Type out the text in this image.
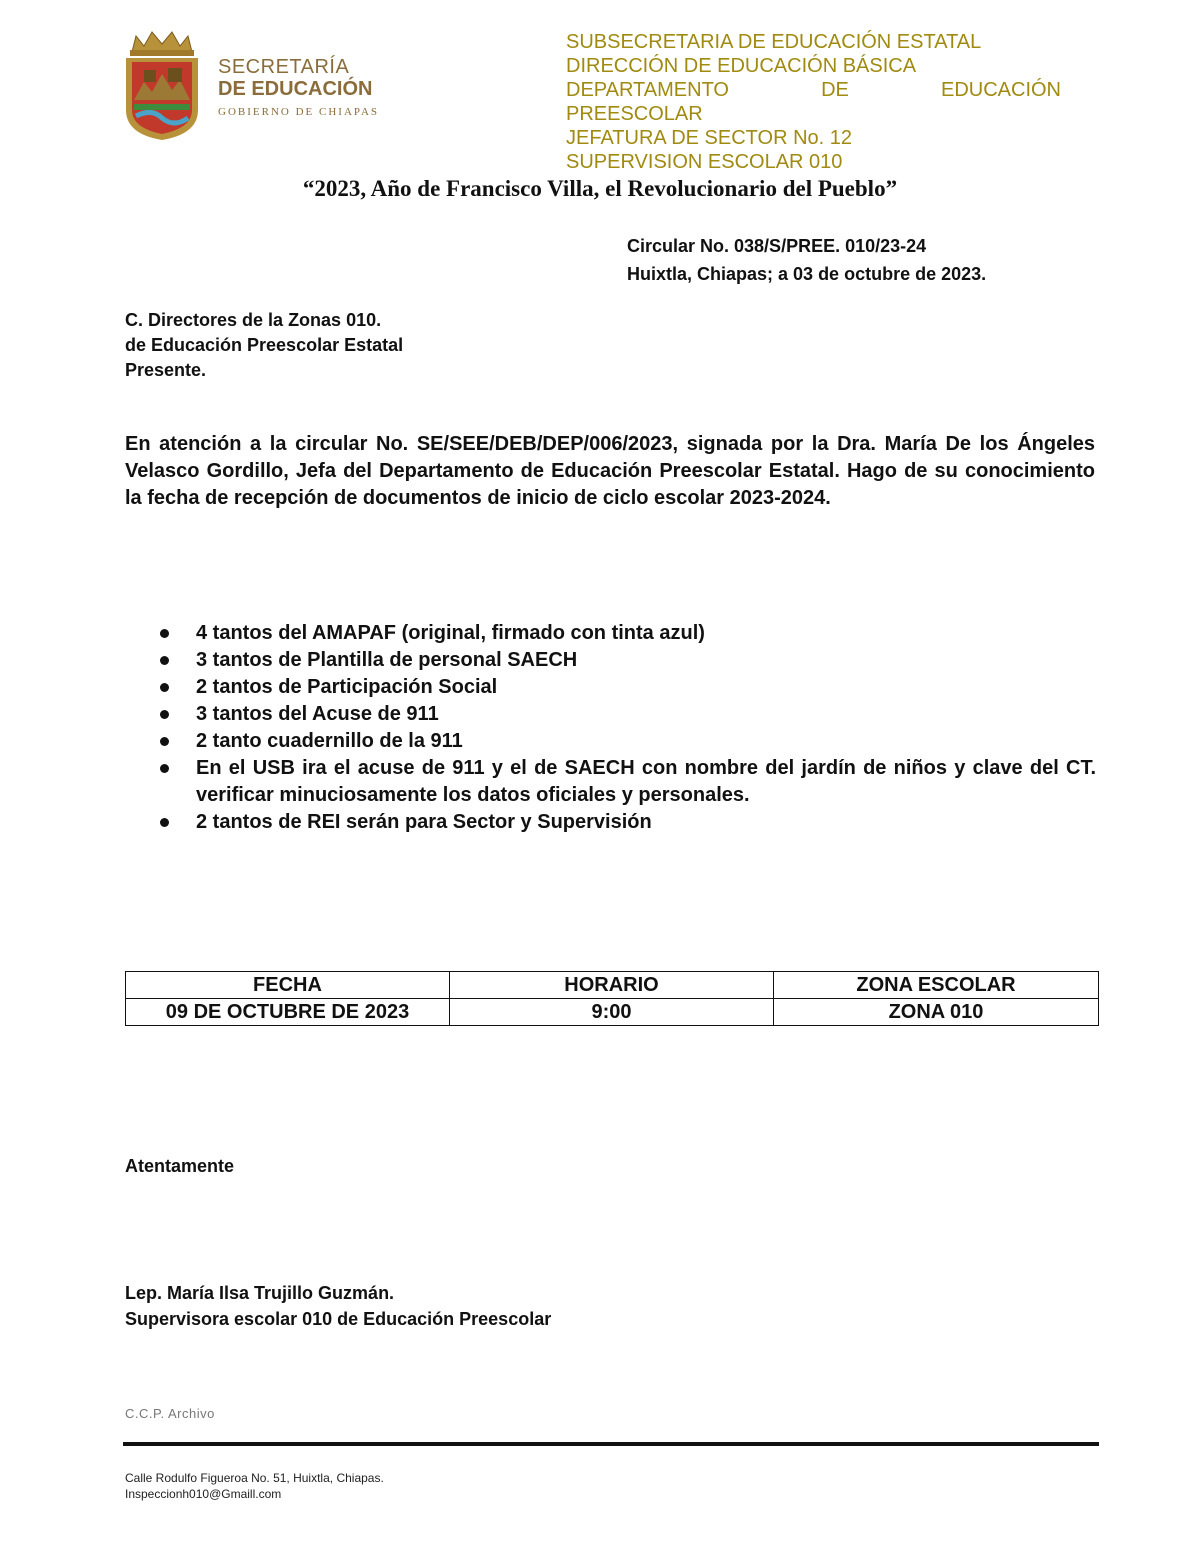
SECRETARÍA
DE EDUCACIÓN
GOBIERNO DE CHIAPAS
SUBSECRETARIA DE EDUCACIÓN ESTATAL
DIRECCIÓN DE EDUCACIÓN BÁSICA
DEPARTAMENTO	DE	EDUCACIÓN
PREESCOLAR
JEFATURA DE SECTOR No. 12
SUPERVISION ESCOLAR 010
“2023, Año de Francisco Villa, el Revolucionario del Pueblo”
Circular No. 038/S/PREE. 010/23-24
Huixtla, Chiapas; a 03 de octubre de 2023.
C. Directores de la Zonas 010.
de Educación Preescolar Estatal
Presente.
En atención a la circular No. SE/SEE/DEB/DEP/006/2023, signada por la Dra. María De los Ángeles Velasco Gordillo, Jefa del Departamento de Educación Preescolar Estatal. Hago de su conocimiento la fecha de recepción de documentos de inicio de ciclo escolar 2023-2024.
4 tantos del AMAPAF (original, firmado con tinta azul)
3 tantos de Plantilla de personal SAECH
2 tantos de Participación Social
3 tantos del Acuse de 911
2 tanto cuadernillo de la 911
En el USB ira el acuse de 911 y el de SAECH con nombre del jardín de niños y clave del CT. verificar minuciosamente los datos oficiales y personales.
2 tantos de REI serán para Sector y Supervisión
FECHA	HORARIO	ZONA ESCOLAR
09 DE OCTUBRE DE 2023	9:00	ZONA 010
Atentamente
Lep. María Ilsa Trujillo Guzmán.
Supervisora escolar 010 de Educación Preescolar
C.C.P. Archivo
Calle Rodulfo Figueroa No. 51, Huixtla, Chiapas.
Inspeccionh010@Gmaill.com
